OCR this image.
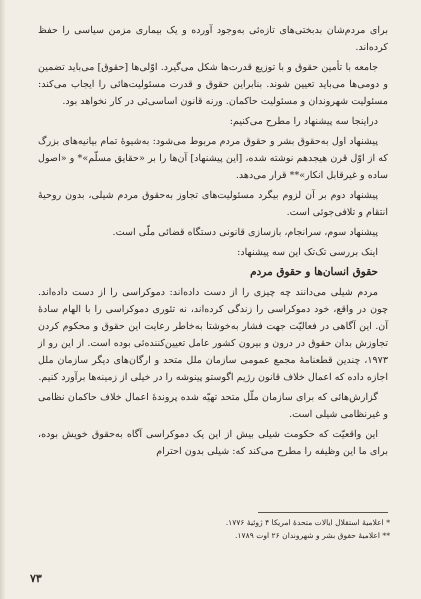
برای مردم‌شان بدبختی‌های تازه‌ئی به‌وجود آورده و یک بیماری مزمن سیاسی را حفظ کرده‌اند.

جامعه با تأمین حقوق و با توزیع قدرت‌ها شکل می‌گیرد. اوّلی‌ها [حقوق] می‌باید تضمین و دومی‌ها می‌باید تعیین شوند. بنابراین حقوق و قدرت مسئولیت‌هائی را ایجاب می‌کند: مسئولیت شهروندان و مسئولیت حاکمان. ورنه قانون اساسی‌ئی در کار نخواهد بود.

دراینجا سه پیشنهاد را مطرح می‌کنیم:

پیشنهاد اول به‌حقوق بشر و حقوق مردم مربوط می‌شود: به‌شیوهٔ تمام بیانیه‌های بزرگ که از اوّل قرن هیجدهم نوشته شده، [این پیشنهاد] آن‌ها را بر «حقایق مسلّم»* و «اصول ساده و غیرقابل انکار»** قرار می‌دهد.

پیشنهاد دوم بر آن لزوم بیگرد مسئولیت‌های تجاوز به‌حقوق مردم شیلی، بدون روحیهٔ انتقام و تلافی‌جوئی است.

پیشنهاد سوم، سرانجام، بازسازی قانونی دستگاه قضائی ملّی است.

اینک بررسی تک‌تک این سه پیشنهاد:

حقوق انسان‌ها و حقوق مردم

مردم شیلی می‌دانند چه چیزی را از دست داده‌اند: دموکراسی را از دست داده‌اند. چون در واقع، خود دموکراسی را زندگی کرده‌اند، نه تئوری دموکراسی را با الهام سادهٔ آن. این آگاهی در فعالیّت جهت فشار به‌خوشتا به‌خاطر رعایت این حقوق و محکوم کردن تجاوزش بدان حقوق در درون و بیرون کشور عامل تعیین‌کننده‌ئی بوده است. از این رو از ۱۹۷۳، چندین قطعنامهٔ مجمع عمومی سازمان ملل متحد و ارگان‌های دیگر سازمان ملل اجازه داده که اعمال خلاف قانون رژیم اگوستو پینوشه را در خیلی از زمینه‌ها برآورد کنیم.

گزارش‌هائی که برای سازمان ملّل متحد تهیّه شده پروندهٔ اعمال خلاف حاکمان نظامی و غیرنظامی شیلی است.

این واقعیّت که حکومت شیلی بیش از این یک دموکراسی آگاه به‌حقوق خویش بوده، برای ما این وظیفه را مطرح می‌کند که: شیلی بدون احترام

* اعلامیهٔ استقلال ایالات متحدهٔ امریکا ۴ ژوئیهٔ ۱۷۷۶.
** اعلامیهٔ حقوق بشر و شهروندان ۲۶ اوت ۱۷۸۹.
۷۳
